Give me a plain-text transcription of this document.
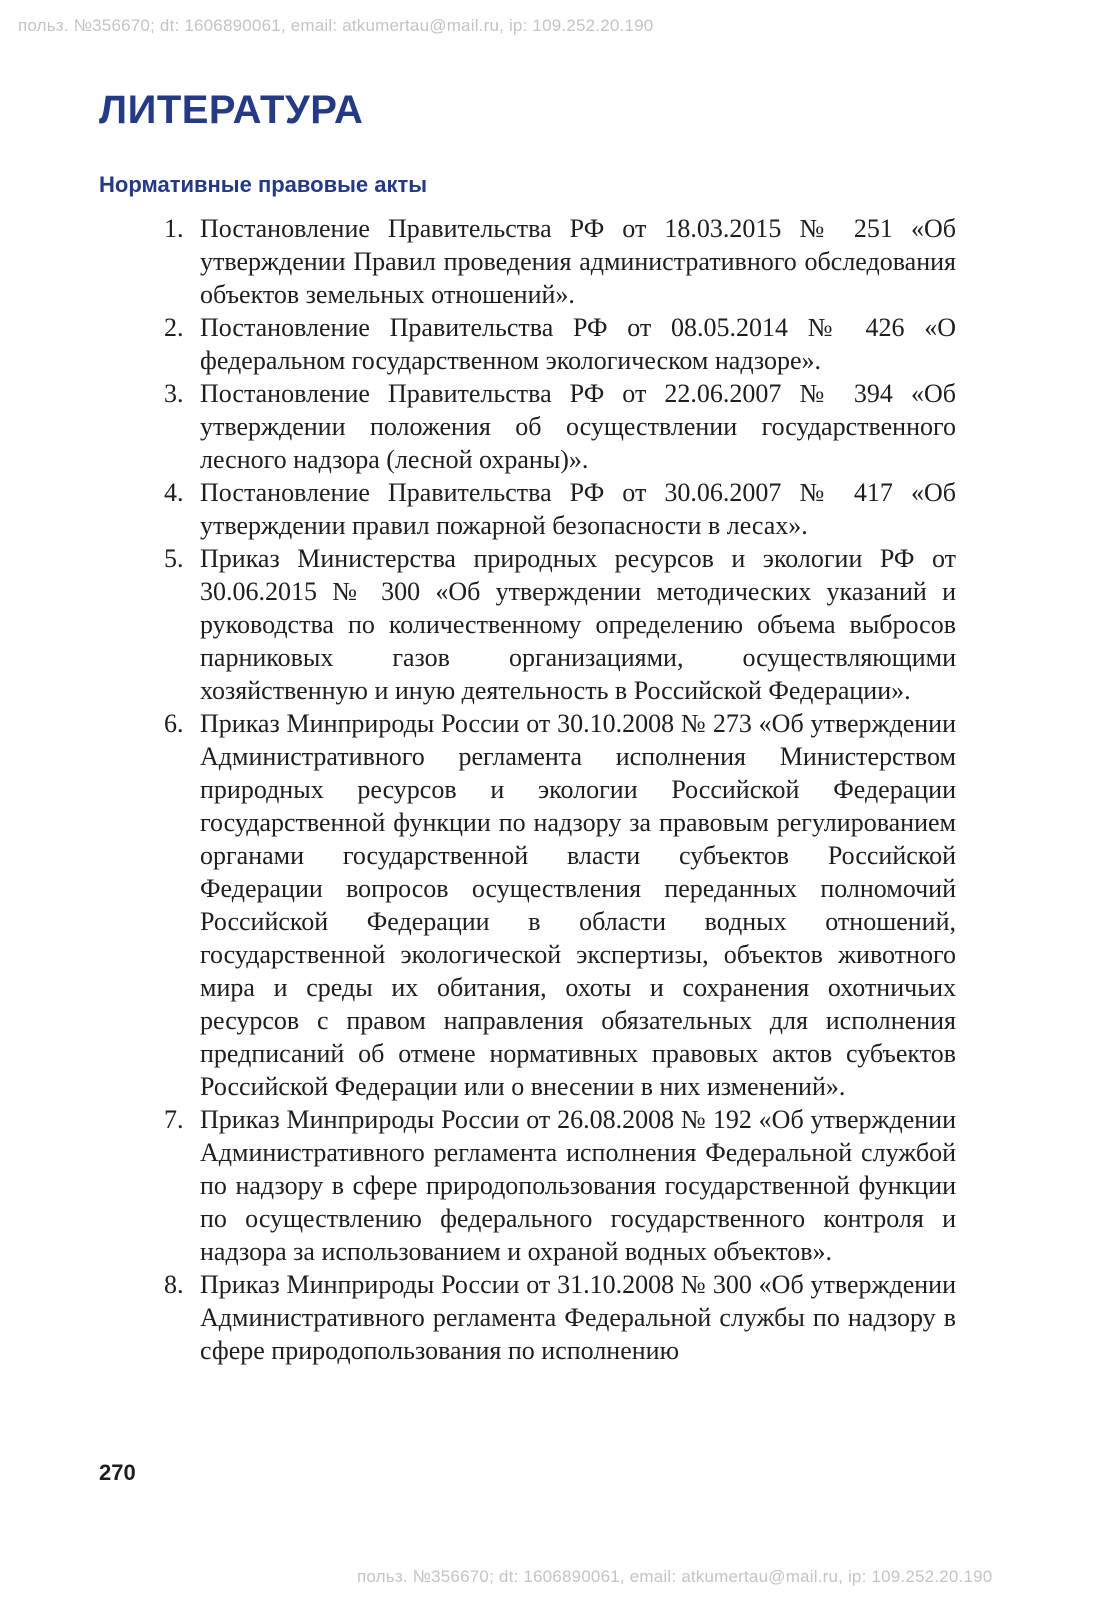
польз. №356670; dt: 1606890061, email: atkumertau@mail.ru, ip: 109.252.20.190
ЛИТЕРАТУРА
Нормативные правовые акты
1. Постановление Правительства РФ от 18.03.2015 № 251 «Об утверждении Правил проведения административного обследования объектов земельных отношений».
2. Постановление Правительства РФ от 08.05.2014 № 426 «О федеральном государственном экологическом надзоре».
3. Постановление Правительства РФ от 22.06.2007 № 394 «Об утверждении положения об осуществлении государственного лесного надзора (лесной охраны)».
4. Постановление Правительства РФ от 30.06.2007 № 417 «Об утверждении правил пожарной безопасности в лесах».
5. Приказ Министерства природных ресурсов и экологии РФ от 30.06.2015 № 300 «Об утверждении методических указаний и руководства по количественному определению объема выбросов парниковых газов организациями, осуществляющими хозяйственную и иную деятельность в Российской Федерации».
6. Приказ Минприроды России от 30.10.2008 № 273 «Об утверждении Административного регламента исполнения Министерством природных ресурсов и экологии Российской Федерации государственной функции по надзору за правовым регулированием органами государственной власти субъектов Российской Федерации вопросов осуществления переданных полномочий Российской Федерации в области водных отношений, государственной экологической экспертизы, объектов животного мира и среды их обитания, охоты и сохранения охотничьих ресурсов с правом направления обязательных для исполнения предписаний об отмене нормативных правовых актов субъектов Российской Федерации или о внесении в них изменений».
7. Приказ Минприроды России от 26.08.2008 № 192 «Об утверждении Административного регламента исполнения Федеральной службой по надзору в сфере природопользования государственной функции по осуществлению федерального государственного контроля и надзора за использованием и охраной водных объектов».
8. Приказ Минприроды России от 31.10.2008 № 300 «Об утверждении Административного регламента Федеральной службы по надзору в сфере природопользования по исполнению
270
польз. №356670; dt: 1606890061, email: atkumertau@mail.ru, ip: 109.252.20.190
